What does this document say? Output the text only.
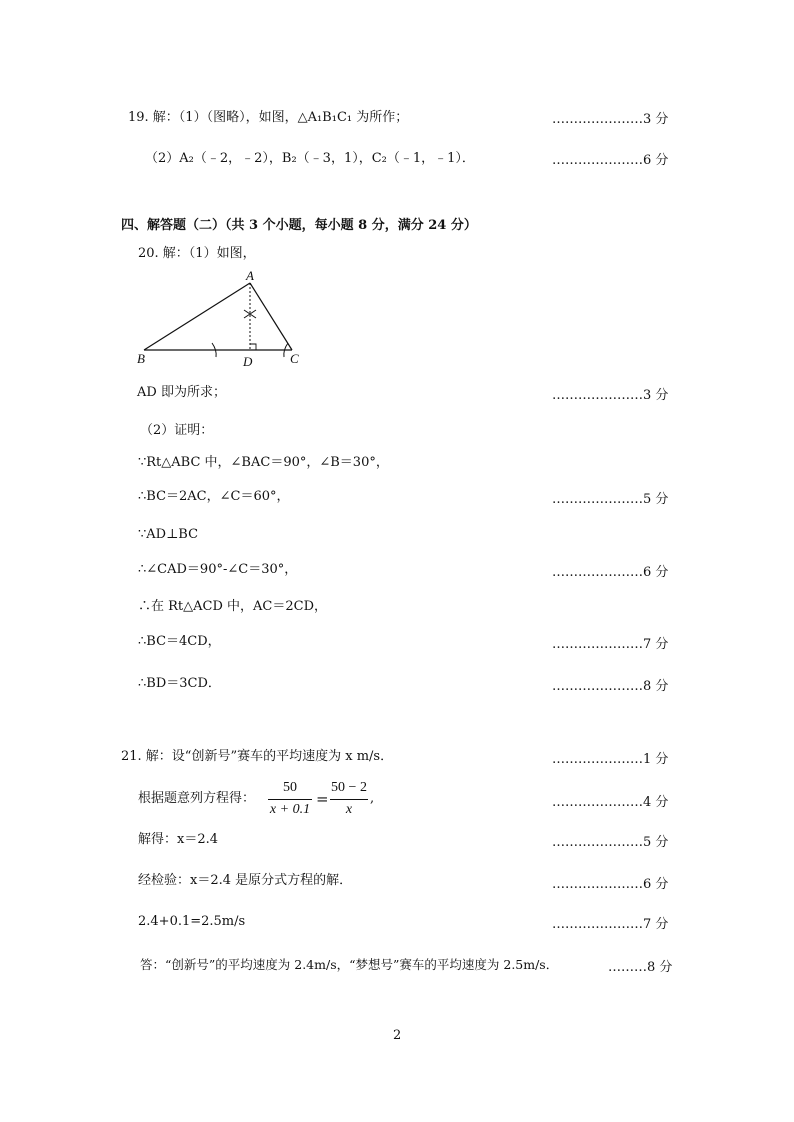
19. 解：（1）（图略），如图，△A₁B₁C₁ 为所作；	…………………3 分
（2）A₂（﹣2，﹣2），B₂（﹣3，1），C₂（﹣1，﹣1）．	…………………6 分
四、解答题（二）（共 3 个小题，每小题 8 分，满分 24 分）
20. 解：（1）如图，
A
B	C
D
AD 即为所求；	…………………3 分
（2）证明：
∵Rt△ABC 中，∠BAC＝90°，∠B＝30°，
∴BC＝2AC，∠C＝60°，	…………………5 分
∵AD⊥BC
∴∠CAD＝90°-∠C＝30°，	…………………6 分
∴在 Rt△ACD 中，AC＝2CD，
∴BC＝4CD，	…………………7 分
∴BD＝3CD．	…………………8 分
21. 解：设“创新号”赛车的平均速度为 x m/s．	…………………1 分
根据题意列方程得：
50
x + 0.1
=
50 − 2
x
,	…………………4 分
解得：x＝2.4	…………………5 分
经检验：x＝2.4 是原分式方程的解．	…………………6 分
2.4+0.1=2.5m/s	…………………7 分
答：“创新号”的平均速度为 2.4m/s，“梦想号”赛车的平均速度为 2.5m/s．	………8 分
2
